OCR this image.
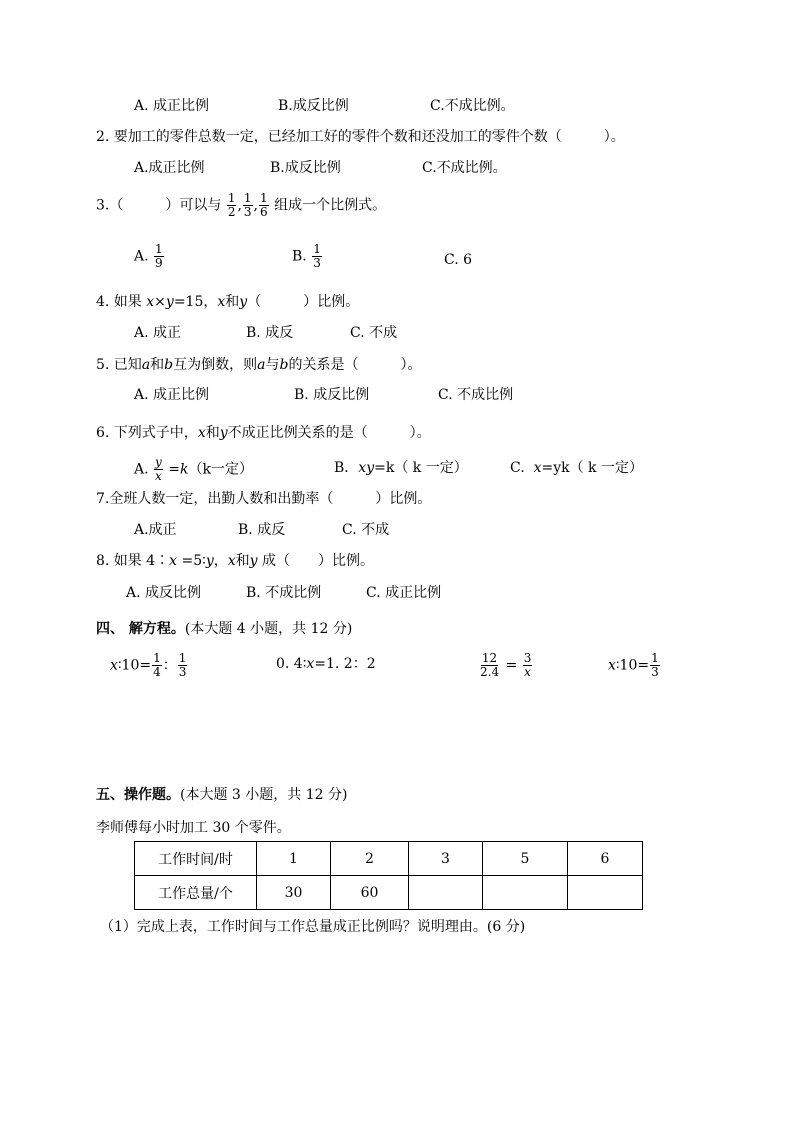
A. 成正比例	B.成反比例	C.不成比例。
2. 要加工的零件总数一定，已经加工好的零件个数和还没加工的零件个数（　　　）。
A.成正比例	B.成反比例	C.不成比例。
3.（　　　）可以与 $\frac{1}{2}$ , $\frac{1}{3}$ , $\frac{1}{6}$ 组成一个比例式。
A. $\frac{1}{9}$	B. $\frac{1}{3}$	C. 6
4. 如果 x×y=15，x和y（　　　）比例。
A. 成正	B. 成反	C. 不成
5. 已知a和b互为倒数，则a与b的关系是（　　　）。
A. 成正比例	B. 成反比例	C. 不成比例
6. 下列式子中，x和y不成正比例关系的是（　　　）。
A. $\frac{y}{x} =k(k$一定）	B．xy=k（ k 一定）	C. x=yk（ k 一定）
7.全班人数一定，出勤人数和出勤率（　　　）比例。
A.成正	B. 成反	C. 不成
8. 如果 4∶x =5∶y，x和y 成（　　）比例。
A. 成反比例	B. 不成比例	C. 成正比例
四、 解方程。(本大题 4 小题，共 12 分)
x∶10= $\frac{1}{4}$ ： $\frac{1}{3}$	0. 4∶x=1. 2：2	$\frac{12}{2.4} = \frac{3}{x}$	x∶10= $\frac{1}{3}$
五、操作题。(本大题 3 小题，共 12 分)
李师傅每小时加工 30 个零件。
工作时间/时	1	2	3	5	6
工作总量/个	30	60			
（1）完成上表，工作时间与工作总量成正比例吗？说明理由。(6 分)
